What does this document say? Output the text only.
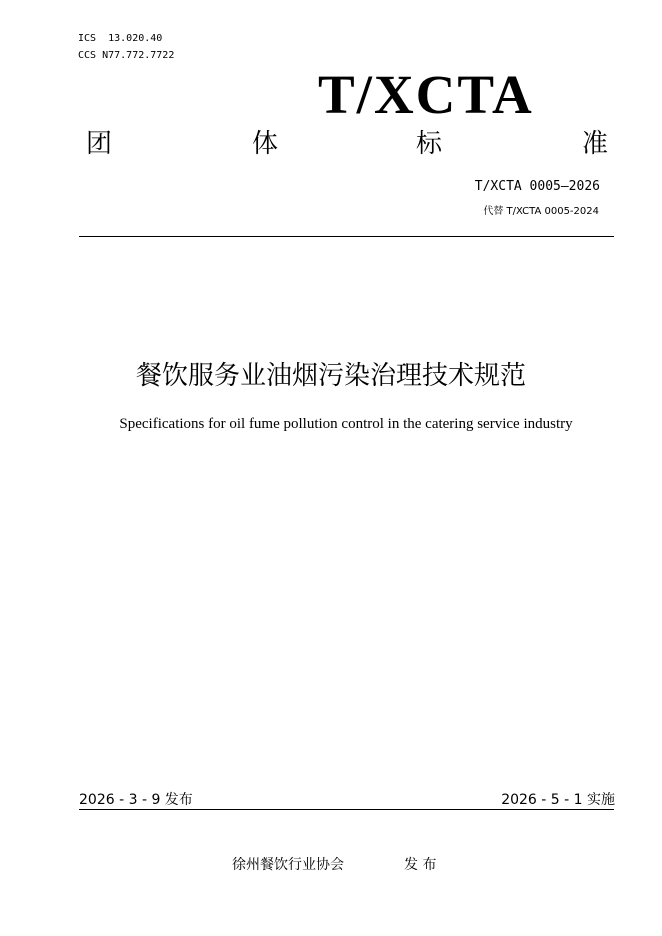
ICS 13.020.40
CCS N77.772.7722
T/XCTA
团	体	标	准
T/XCTA 0005—2026
代替 T/XCTA 0005-2024
餐饮服务业油烟污染治理技术规范
Specifications for oil fume pollution control in the catering service industry
2026 - 3 - 9 发布	2026 - 5 - 1 实施
徐州餐饮行业协会	发 布
